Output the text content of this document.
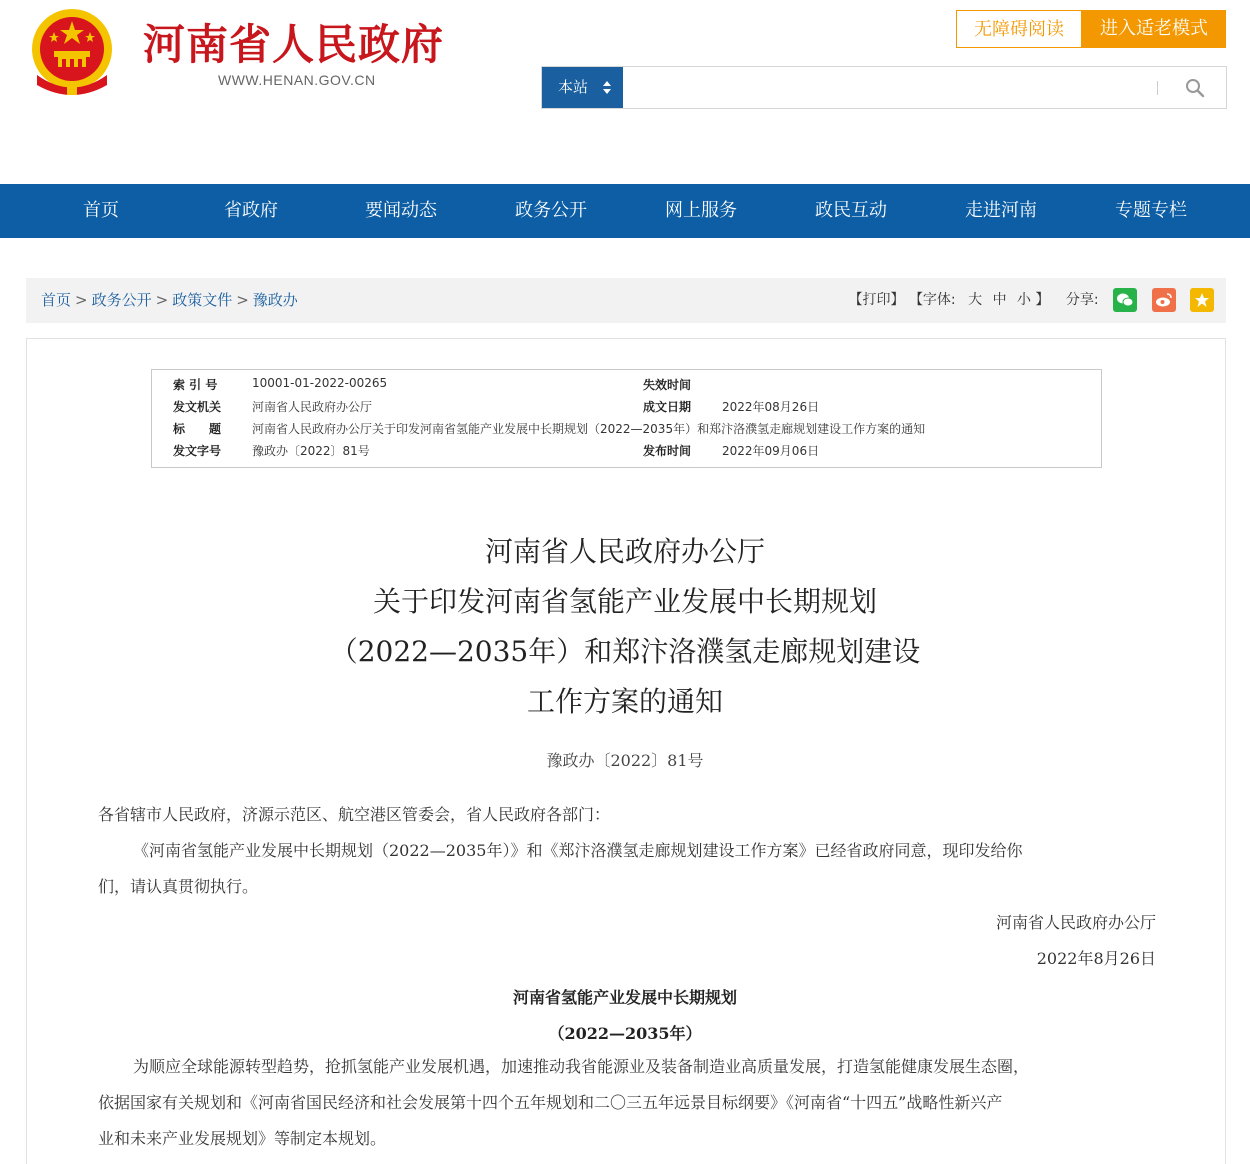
河南省人民政府
WWW.HENAN.GOV.CN
无障碍阅读	进入适老模式
本站
首页	省政府	要闻动态	政务公开	网上服务	政民互动	走进河南	专题专栏
首页 > 政务公开 > 政策文件 > 豫政办	【打印】 【字体: 大 中 小 】 分享:
索 引 号	10001-01-2022-00265	失效时间
发文机关	河南省人民政府办公厅	成文日期	2022年08月26日
标　　题	河南省人民政府办公厅关于印发河南省氢能产业发展中长期规划（2022—2035年）和郑汴洛濮氢走廊规划建设工作方案的通知
发文字号	豫政办〔2022〕81号	发布时间	2022年09月06日
河南省人民政府办公厅
关于印发河南省氢能产业发展中长期规划
（2022—2035年）和郑汴洛濮氢走廊规划建设
工作方案的通知
豫政办〔2022〕81号
各省辖市人民政府，济源示范区、航空港区管委会，省人民政府各部门：
《河南省氢能产业发展中长期规划（2022—2035年）》和《郑汴洛濮氢走廊规划建设工作方案》已经省政府同意，现印发给你
们，请认真贯彻执行。
河南省人民政府办公厅
2022年8月26日
河南省氢能产业发展中长期规划
（2022—2035年）
为顺应全球能源转型趋势，抢抓氢能产业发展机遇，加速推动我省能源业及装备制造业高质量发展，打造氢能健康发展生态圈，
依据国家有关规划和《河南省国民经济和社会发展第十四个五年规划和二〇三五年远景目标纲要》《河南省“十四五”战略性新兴产
业和未来产业发展规划》等制定本规划。
